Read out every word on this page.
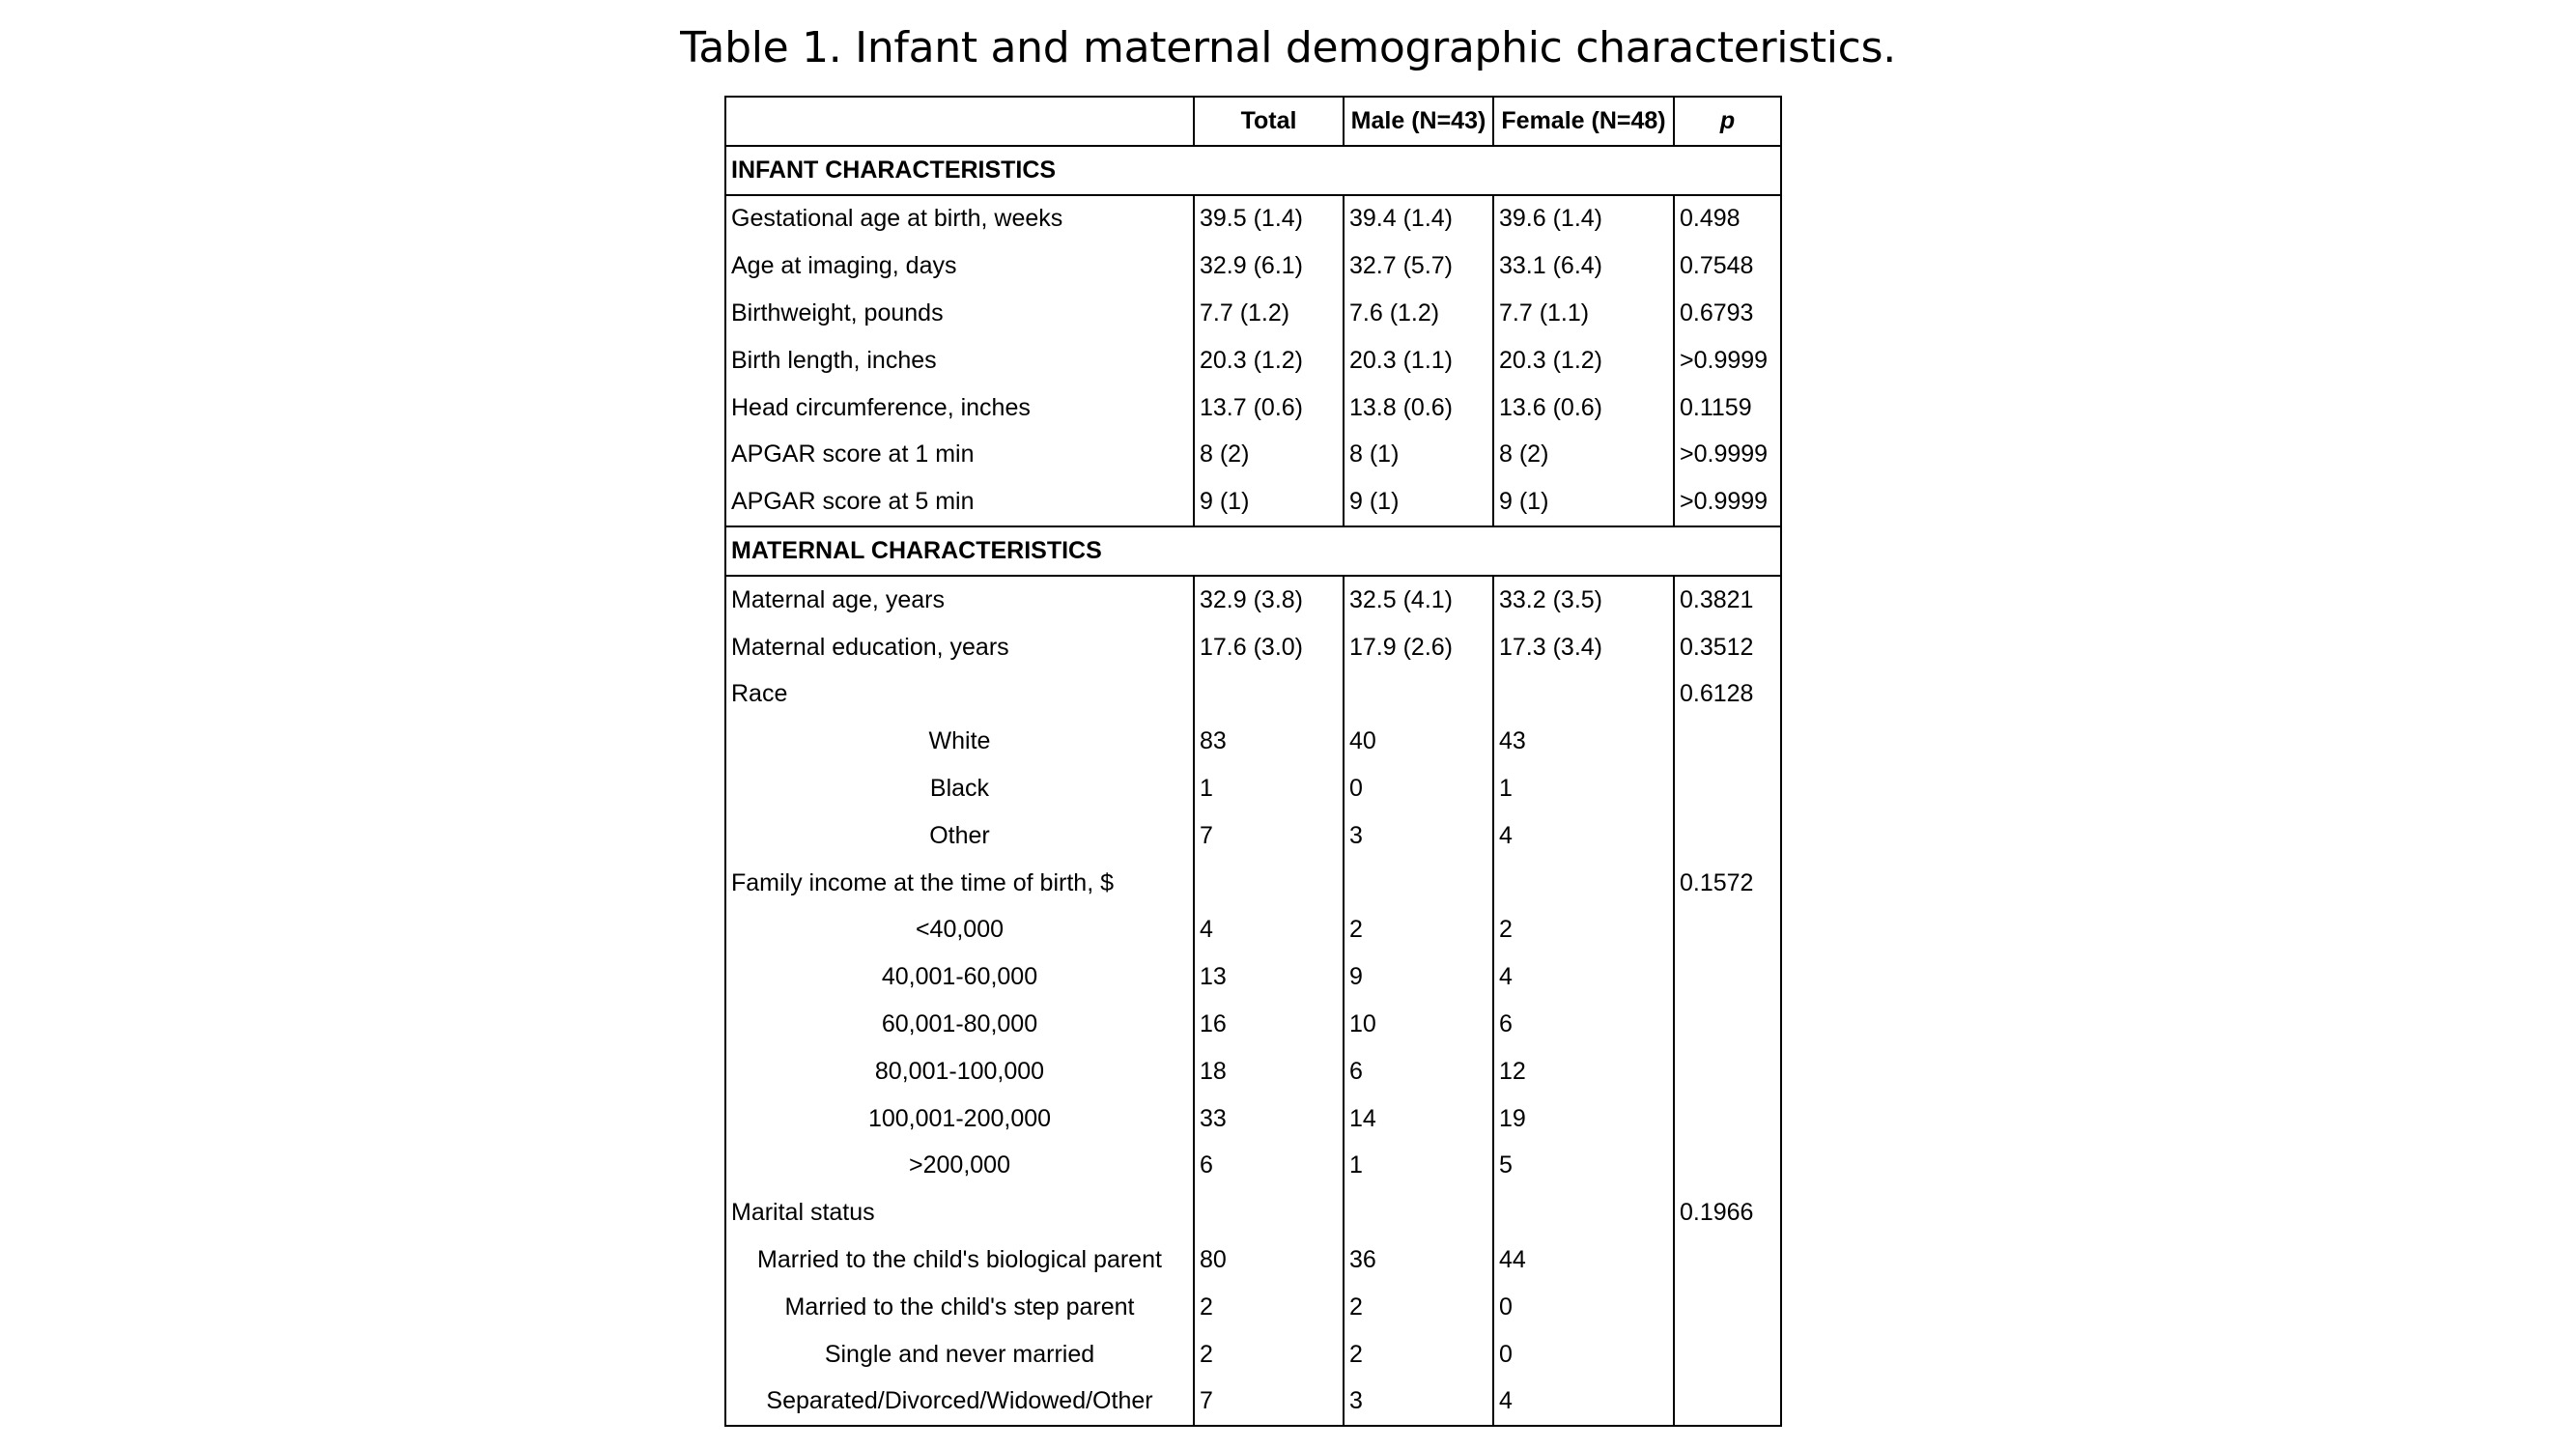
Table 1. Infant and maternal demographic characteristics.
	Total	Male (N=43)	Female (N=48)	p
INFANT CHARACTERISTICS				
Gestational age at birth, weeks	39.5 (1.4)	39.4 (1.4)	39.6 (1.4)	0.498
Age at imaging, days	32.9 (6.1)	32.7 (5.7)	33.1 (6.4)	0.7548
Birthweight, pounds	7.7 (1.2)	7.6 (1.2)	7.7 (1.1)	0.6793
Birth length, inches	20.3 (1.2)	20.3 (1.1)	20.3 (1.2)	>0.9999
Head circumference, inches	13.7 (0.6)	13.8 (0.6)	13.6 (0.6)	0.1159
APGAR score at 1 min	8 (2)	8 (1)	8 (2)	>0.9999
APGAR score at 5 min	9 (1)	9 (1)	9 (1)	>0.9999
MATERNAL CHARACTERISTICS				
Maternal age, years	32.9 (3.8)	32.5 (4.1)	33.2 (3.5)	0.3821
Maternal education, years	17.6 (3.0)	17.9 (2.6)	17.3 (3.4)	0.3512
Race				0.6128
White	83	40	43	
Black	1	0	1	
Other	7	3	4	
Family income at the time of birth, $				0.1572
<40,000	4	2	2	
40,001-60,000	13	9	4	
60,001-80,000	16	10	6	
80,001-100,000	18	6	12	
100,001-200,000	33	14	19	
>200,000	6	1	5	
Marital status				0.1966
Married to the child's biological parent	80	36	44	
Married to the child's step parent	2	2	0	
Single and never married	2	2	0	
Separated/Divorced/Widowed/Other	7	3	4	
